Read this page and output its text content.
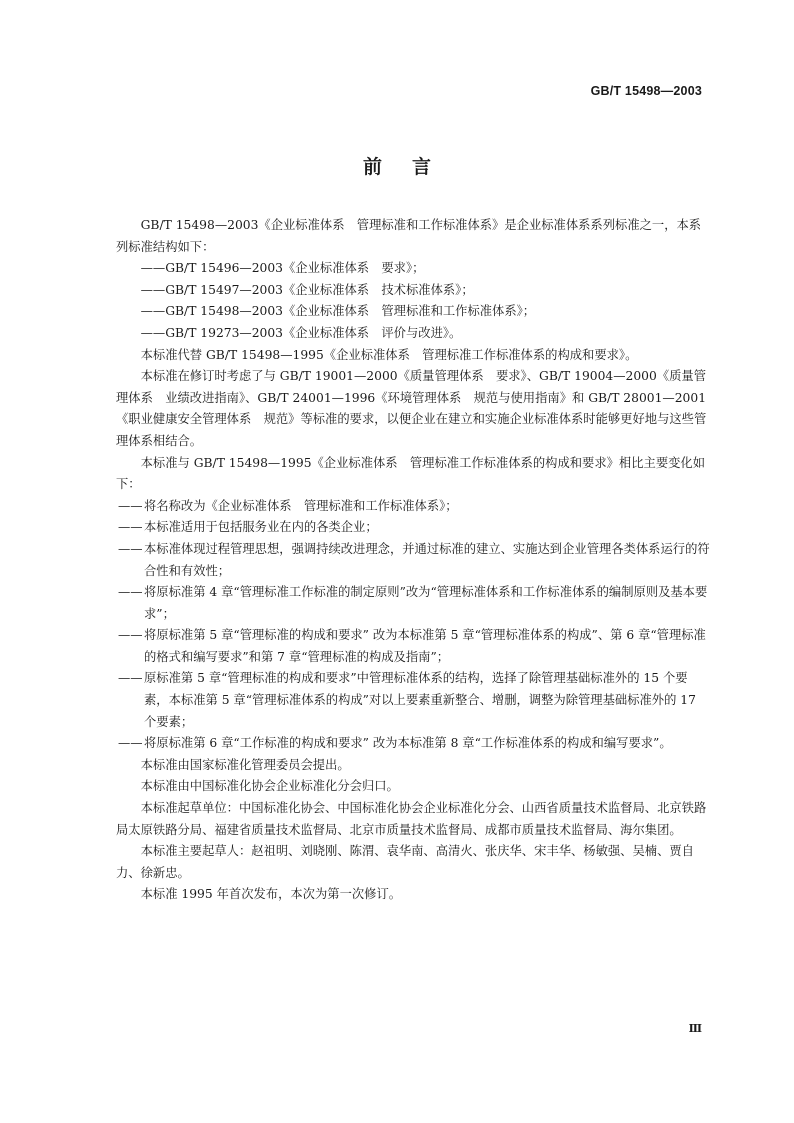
GB/T 15498—2003
前言

GB/T 15498—2003《企业标准体系　管理标准和工作标准体系》是企业标准体系系列标准之一，本系列标准结构如下：

——GB/T 15496—2003《企业标准体系　要求》；

——GB/T 15497—2003《企业标准体系　技术标准体系》；

——GB/T 15498—2003《企业标准体系　管理标准和工作标准体系》；

——GB/T 19273—2003《企业标准体系　评价与改进》。

本标准代替 GB/T 15498—1995《企业标准体系　管理标准工作标准体系的构成和要求》。

本标准在修订时考虑了与 GB/T 19001—2000《质量管理体系　要求》、GB/T 19004—2000《质量管理体系　业绩改进指南》、GB/T 24001—1996《环境管理体系　规范与使用指南》和 GB/T 28001—2001《职业健康安全管理体系　规范》等标准的要求，以便企业在建立和实施企业标准体系时能够更好地与这些管理体系相结合。

本标准与 GB/T 15498—1995《企业标准体系　管理标准工作标准体系的构成和要求》相比主要变化如下：

—— 将名称改为《企业标准体系　管理标准和工作标准体系》；
—— 本标准适用于包括服务业在内的各类企业；
—— 本标准体现过程管理思想，强调持续改进理念，并通过标准的建立、实施达到企业管理各类体系运行的符合性和有效性；
—— 将原标准第 4 章“管理标准工作标准的制定原则”改为“管理标准体系和工作标准体系的编制原则及基本要求”；
—— 将原标准第 5 章“管理标准的构成和要求” 改为本标准第 5 章“管理标准体系的构成”、第 6 章“管理标准的格式和编写要求”和第 7 章“管理标准的构成及指南”；
—— 原标准第 5 章“管理标准的构成和要求”中管理标准体系的结构，选择了除管理基础标准外的 15 个要素，本标准第 5 章“管理标准体系的构成”对以上要素重新整合、增删，调整为除管理基础标准外的 17 个要素；
—— 将原标准第 6 章“工作标准的构成和要求” 改为本标准第 8 章“工作标准体系的构成和编写要求”。

本标准由国家标准化管理委员会提出。

本标准由中国标准化协会企业标准化分会归口。

本标准起草单位：中国标准化协会、中国标准化协会企业标准化分会、山西省质量技术监督局、北京铁路局太原铁路分局、福建省质量技术监督局、北京市质量技术监督局、成都市质量技术监督局、海尔集团。

本标准主要起草人：赵祖明、刘晓刚、陈渭、袁华南、高清火、张庆华、宋丰华、杨敏强、吴楠、贾自力、徐新忠。

本标准 1995 年首次发布，本次为第一次修订。

Ⅲ
